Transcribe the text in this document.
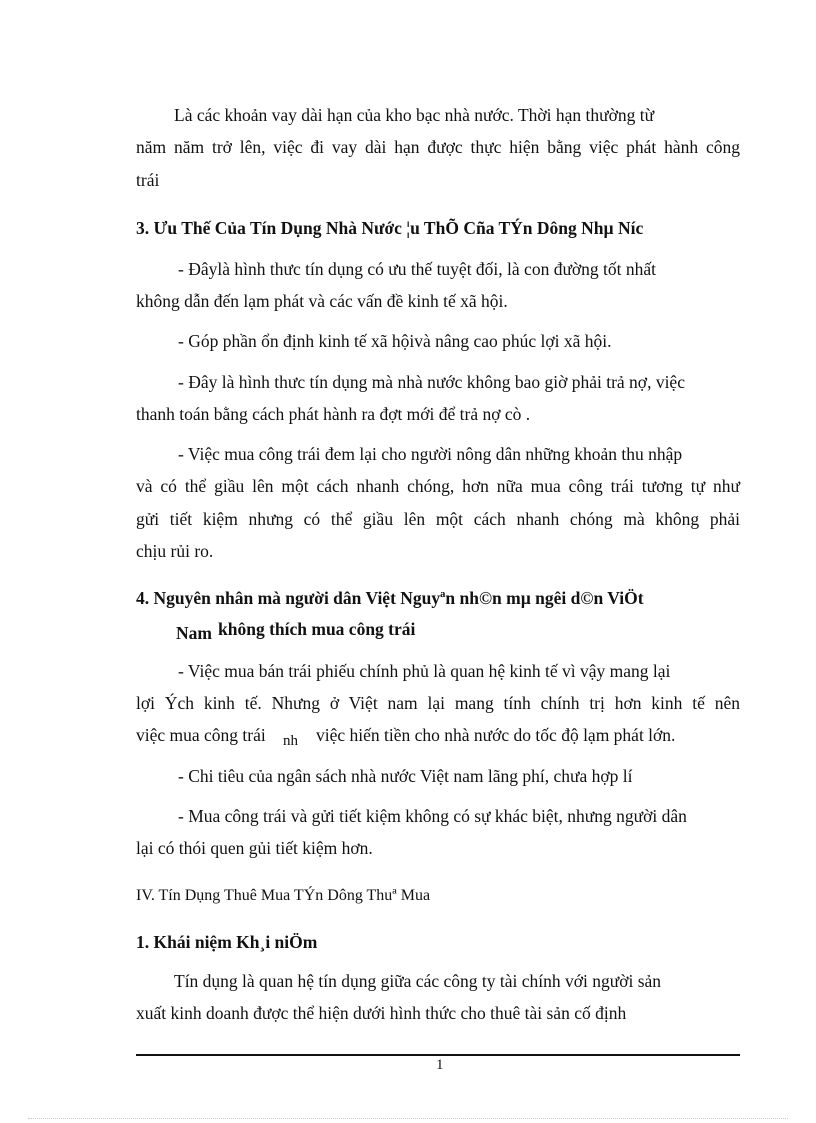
Là các khoản vay dài hạn của kho bạc nhà nước. Thời hạn thường từ
năm năm trở lên, việc đi vay dài hạn được thực hiện bằng việc phát hành công
trái
3. Ưu Thế Của Tín Dụng Nhà Nước ¦u ThÕ Cña TÝn Dông Nhµ Níc
- Đâylà hình thưc tín dụng có ưu thế tuyệt đối, là con đường tốt nhất
không dẫn đến lạm phát và các vấn đề kinh tế xã hội.
- Góp phần ổn định kinh tế xã hộivà nâng cao phúc lợi xã hội.
- Đây là hình thưc tín dụng mà nhà nước không bao giờ phải trả nợ, việc
thanh toán bằng cách phát hành ra đợt mới để trả nợ cò .
- Việc mua công trái đem lại cho người nông dân những khoản thu nhập
và có thể giầu lên một cách nhanh chóng, hơn nữa mua công trái tương tự như
gửi tiết kiệm nhưng có thể giầu lên một cách nhanh chóng mà không phải
chịu rủi ro.
4. Nguyên nhân mà người dân Việt Nguyªn nh©n mµ ngêi d©n ViÖt
Nam không thích mua công trái
- Việc mua bán trái phiếu chính phủ là quan hệ kinh tế vì vậy mang lại
lợi Ých kinh tế. Nhưng ở Việt nam lại mang tính chính trị hơn kinh tế nên
việc mua công trái nh việc hiến tiền cho nhà nước do tốc độ lạm phát lớn.
- Chi tiêu của ngân sách nhà nước Việt nam lãng phí, chưa hợp lí
- Mua công trái và gửi tiết kiệm không có sự khác biệt, nhưng người dân
lại có thói quen gủi tiết kiệm hơn.
IV. Tín Dụng Thuê Mua TÝn Dông Thuª Mua
1. Khái niệm Kh¸i niÖm
Tín dụng là quan hệ tín dụng giữa các công ty tài chính với người sản
xuất kinh doanh được thể hiện dưới hình thức cho thuê tài sản cố định
1
